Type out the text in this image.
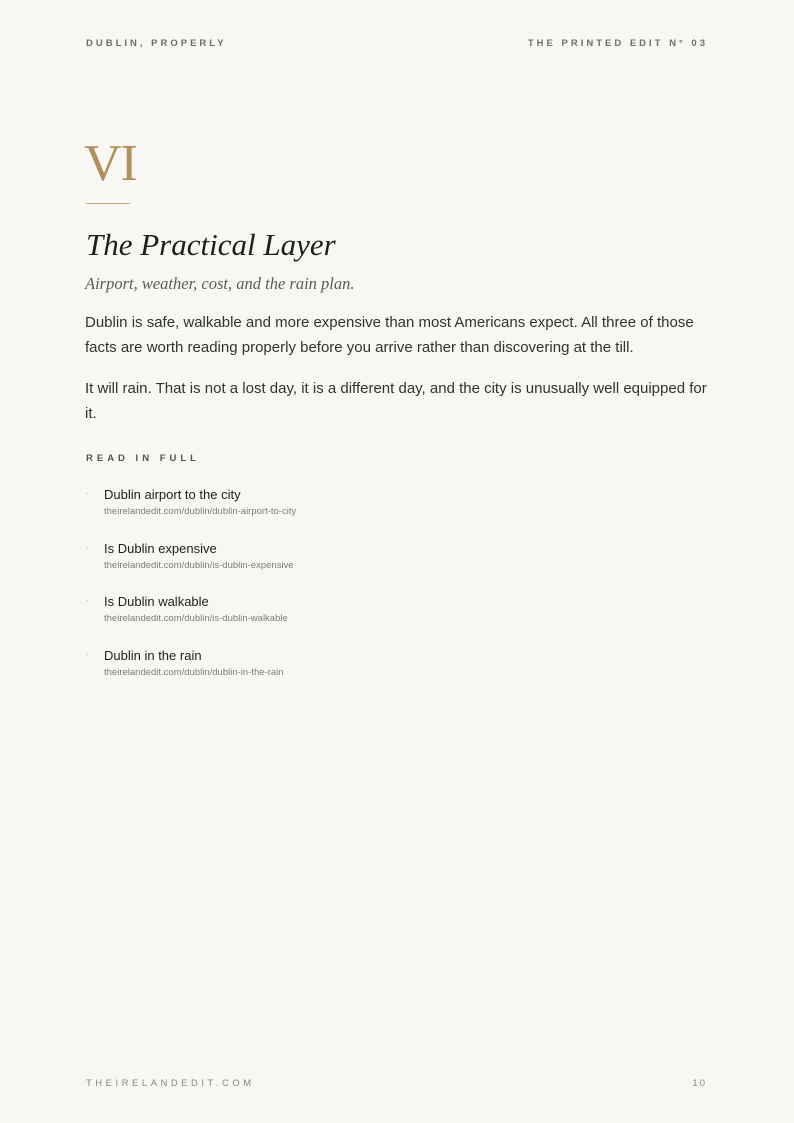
DUBLIN, PROPERLY	THE PRINTED EDIT N° 03
VI
The Practical Layer

Airport, weather, cost, and the rain plan.

Dublin is safe, walkable and more expensive than most Americans expect. All three of those facts are worth reading properly before you arrive rather than discovering at the till.

It will rain. That is not a lost day, it is a different day, and the city is unusually well equipped for it.

READ IN FULL
· Dublin airport to the city
theirelandedit.com/dublin/dublin-airport-to-city
· Is Dublin expensive
theirelandedit.com/dublin/is-dublin-expensive
· Is Dublin walkable
theirelandedit.com/dublin/is-dublin-walkable
· Dublin in the rain
theirelandedit.com/dublin/dublin-in-the-rain
THEIRELANDEDIT.COM	10
